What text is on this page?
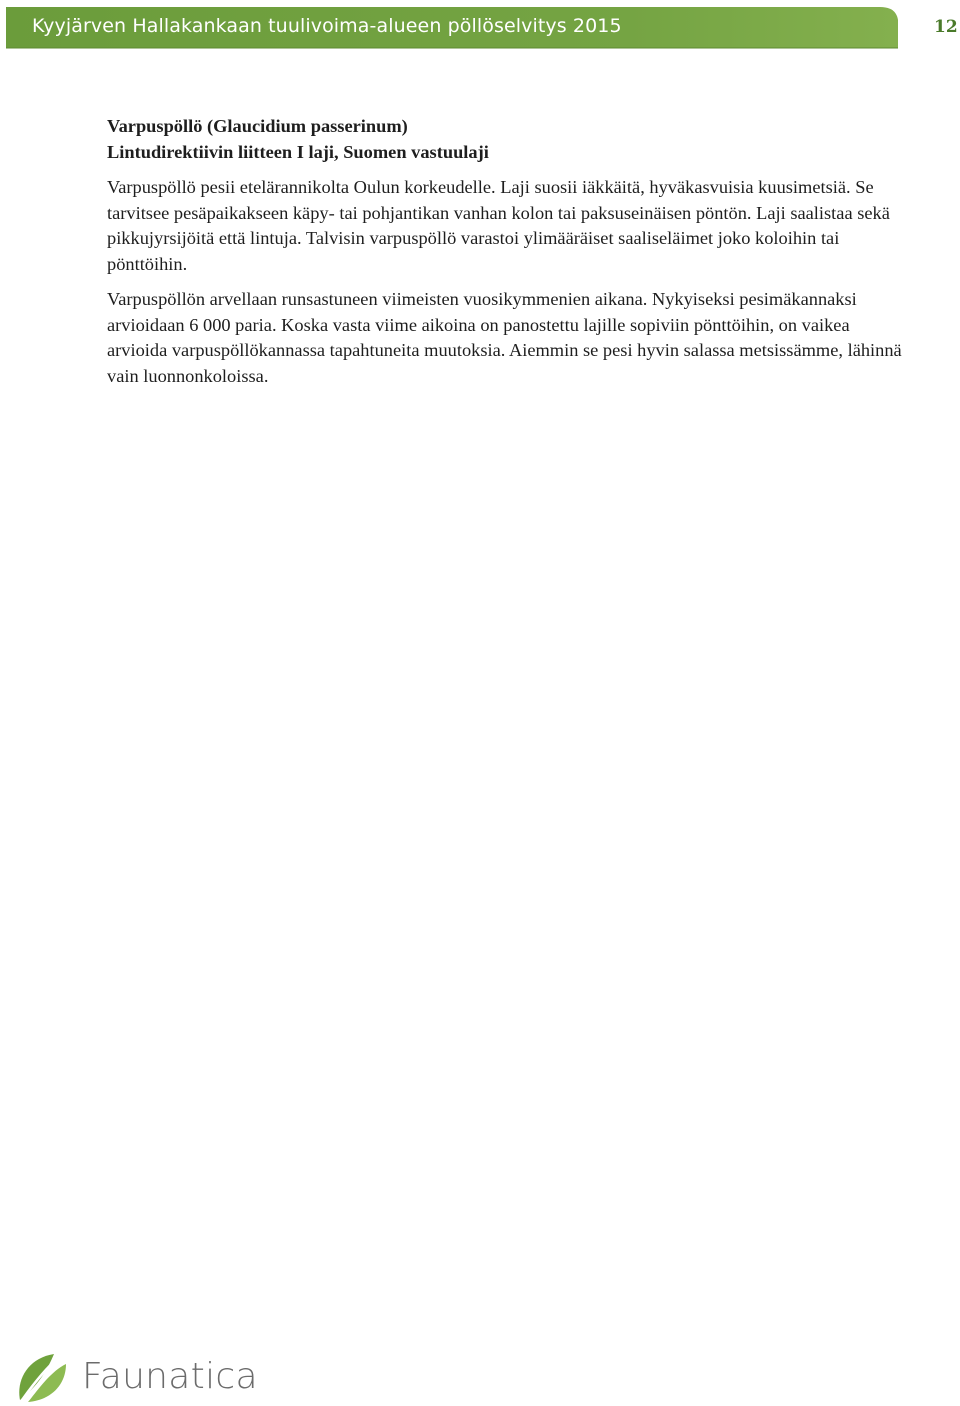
Kyyjärven Hallakankaan tuulivoima-alueen pöllöselvitys 2015	12

Varpuspöllö (Glaucidium passerinum)

Lintudirektiivin liitteen I laji, Suomen vastuulaji

Varpuspöllö pesii etelärannikolta Oulun korkeudelle. Laji suosii iäkkäitä, hyväkasvuisia kuusimetsiä. Se tarvitsee pesäpaikakseen käpy- tai pohjantikan vanhan kolon tai paksuseinäisen pöntön. Laji saalistaa sekä pikkujyrsijöitä että lintuja. Talvisin varpuspöllö varastoi ylimääräiset saaliseläimet joko koloihin tai pönttöihin.

Varpuspöllön arvellaan runsastuneen viimeisten vuosikymmenien aikana. Nykyiseksi pesimäkannaksi arvioidaan 6 000 paria. Koska vasta viime aikoina on panostettu lajille sopiviin pönttöihin, on vaikea arvioida varpuspöllökannassa tapahtuneita muutoksia. Aiemmin se pesi hyvin salassa metsissämme, lähinnä vain luonnonkoloissa.

Faunatica
